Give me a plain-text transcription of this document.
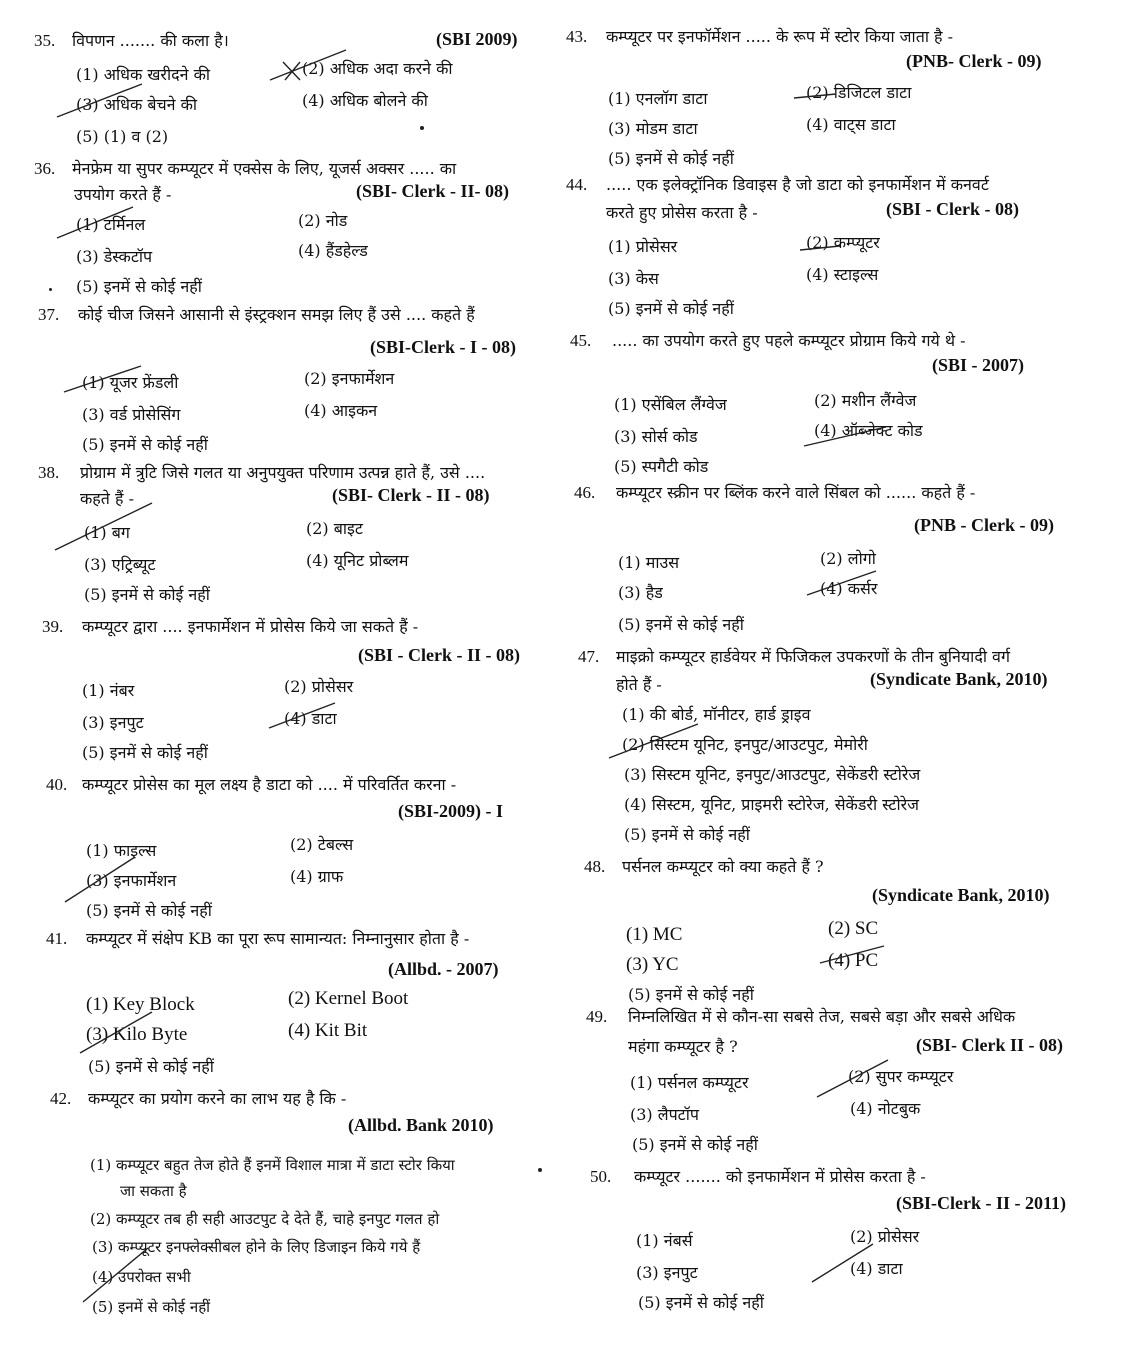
35. विपणन ....... की कला है।	(SBI 2009)
(1) अधिक खरीदने की	(2) अधिक अदा करने की
(3) अधिक बेचने की	(4) अधिक बोलने की
(5) (1) व (2)
36. मेनफ्रेम या सुपर कम्प्यूटर में एक्सेस के लिए, यूजर्स अक्सर ..... का
उपयोग करते हैं -	(SBI- Clerk - II- 08)
(1) टर्मिनल	(2) नोड
(3) डेस्कटॉप	(4) हैंडहेल्ड
(5) इनमें से कोई नहीं
37. कोई चीज जिसने आसानी से इंस्ट्रक्शन समझ लिए हैं उसे .... कहते हैं
(SBI-Clerk - I - 08)
(1) यूजर फ्रेंडली	(2) इनफार्मेशन
(3) वर्ड प्रोसेसिंग	(4) आइकन
(5) इनमें से कोई नहीं
38. प्रोग्राम में त्रुटि जिसे गलत या अनुपयुक्त परिणाम उत्पन्न हाते हैं, उसे ....
कहते हैं -	(SBI- Clerk - II - 08)
(1) बग	(2) बाइट
(3) एट्रिब्यूट	(4) यूनिट प्रोब्लम
(5) इनमें से कोई नहीं
39. कम्प्यूटर द्वारा .... इनफार्मेशन में प्रोसेस किये जा सकते हैं -
(SBI - Clerk - II - 08)
(1) नंबर	(2) प्रोसेसर
(3) इनपुट	(4) डाटा
(5) इनमें से कोई नहीं
40. कम्प्यूटर प्रोसेस का मूल लक्ष्य है डाटा को .... में परिवर्तित करना -
(SBI-2009) - I
(1) फाइल्स	(2) टेबल्स
(3) इनफार्मेशन	(4) ग्राफ
(5) इनमें से कोई नहीं
41. कम्प्यूटर में संक्षेप KB का पूरा रूप सामान्यत: निम्नानुसार होता है -
(Allbd. - 2007)
(1) Key Block	(2) Kernel Boot
(3) Kilo Byte	(4) Kit Bit
(5) इनमें से कोई नहीं
42. कम्प्यूटर का प्रयोग करने का लाभ यह है कि -
(Allbd. Bank 2010)
(1) कम्प्यूटर बहुत तेज होते हैं इनमें विशाल मात्रा में डाटा स्टोर किया
जा सकता है
(2) कम्प्यूटर तब ही सही आउटपुट दे देते हैं, चाहे इनपुट गलत हो
(3) कम्प्यूटर इनफ्लेक्सीबल होने के लिए डिजाइन किये गये हैं
(4) उपरोक्त सभी
(5) इनमें से कोई नहीं
43. कम्प्यूटर पर इनफॉर्मेशन ..... के रूप में स्टोर किया जाता है -
(PNB- Clerk - 09)
(1) एनलॉग डाटा	(2) डिजिटल डाटा
(3) मोडम डाटा	(4) वाट्स डाटा
(5) इनमें से कोई नहीं
44. ..... एक इलेक्ट्रॉनिक डिवाइस है जो डाटा को इनफार्मेशन में कनवर्ट
करते हुए प्रोसेस करता है -	(SBI - Clerk - 08)
(1) प्रोसेसर	(2) कम्प्यूटर
(3) केस	(4) स्टाइल्स
(5) इनमें से कोई नहीं
45. ..... का उपयोग करते हुए पहले कम्प्यूटर प्रोग्राम किये गये थे -
(SBI - 2007)
(1) एसेंबिल लैंग्वेज	(2) मशीन लैंग्वेज
(3) सोर्स कोड	(4) ऑब्जेक्ट कोड
(5) स्पगैटी कोड
46. कम्प्यूटर स्क्रीन पर ब्लिंक करने वाले सिंबल को ...... कहते हैं -
(PNB - Clerk - 09)
(1) माउस	(2) लोगो
(3) हैड	(4) कर्सर
(5) इनमें से कोई नहीं
47. माइक्रो कम्प्यूटर हार्डवेयर में फिजिकल उपकरणों के तीन बुनियादी वर्ग
होते हैं -	(Syndicate Bank, 2010)
(1) की बोर्ड, मॉनीटर, हार्ड ड्राइव
(2) सिस्टम यूनिट, इनपुट/आउटपुट, मेमोरी
(3) सिस्टम यूनिट, इनपुट/आउटपुट, सेकेंडरी स्टोरेज
(4) सिस्टम, यूनिट, प्राइमरी स्टोरेज, सेकेंडरी स्टोरेज
(5) इनमें से कोई नहीं
48. पर्सनल कम्प्यूटर को क्या कहते हैं ?
(Syndicate Bank, 2010)
(1) MC	(2) SC
(3) YC	(4) PC
(5) इनमें से कोई नहीं
49. निम्नलिखित में से कौन-सा सबसे तेज, सबसे बड़ा और सबसे अधिक
महंगा कम्प्यूटर है ?	(SBI- Clerk II - 08)
(1) पर्सनल कम्प्यूटर	(2) सुपर कम्प्यूटर
(3) लैपटॉप	(4) नोटबुक
(5) इनमें से कोई नहीं
50. कम्प्यूटर ....... को इनफार्मेशन में प्रोसेस करता है -
(SBI-Clerk - II - 2011)
(1) नंबर्स	(2) प्रोसेसर
(3) इनपुट	(4) डाटा
(5) इनमें से कोई नहीं
